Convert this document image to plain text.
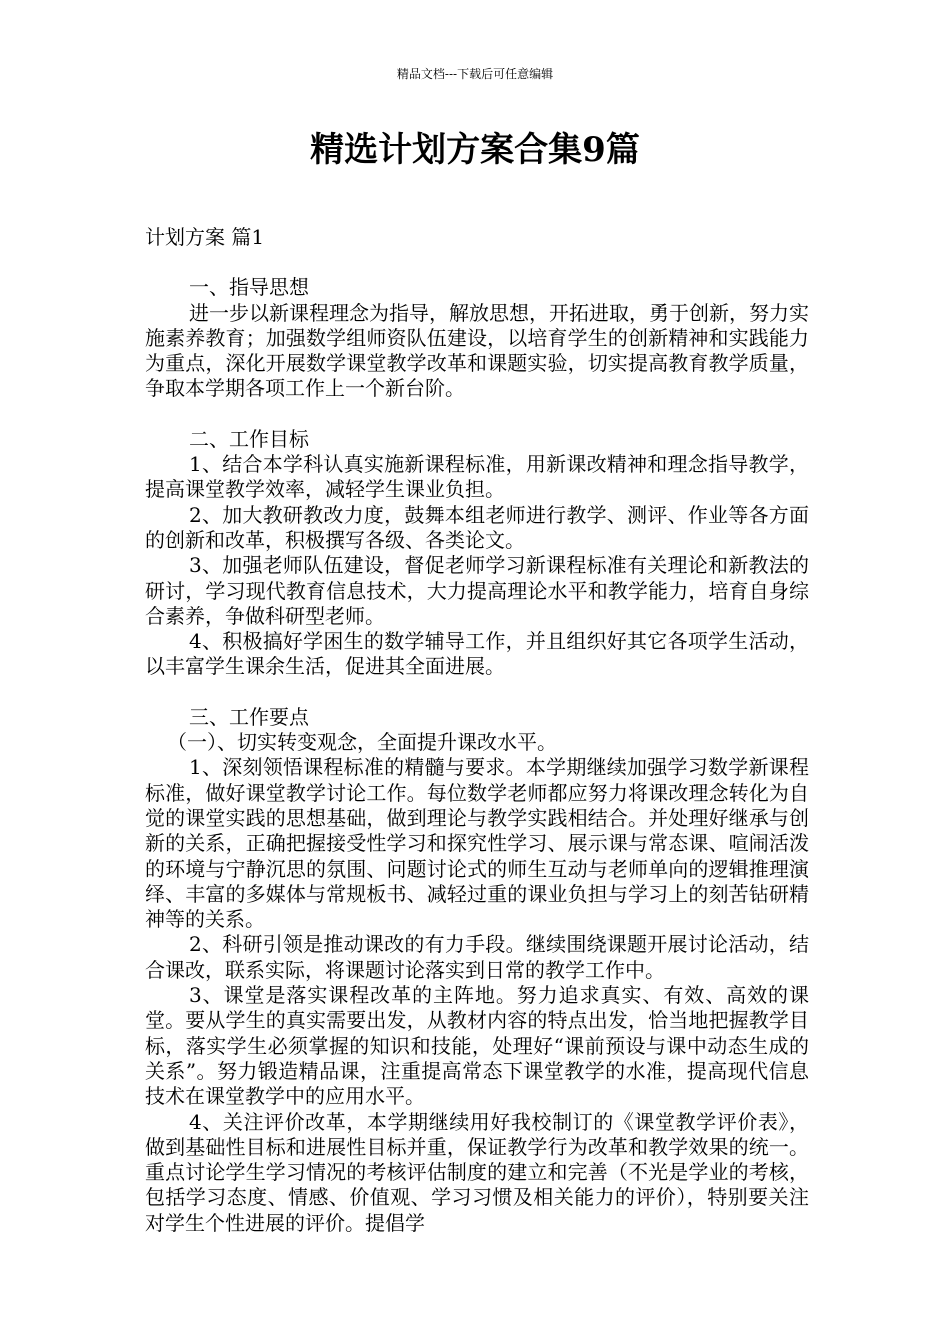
精品文档---下载后可任意编辑
精选计划方案合集9篇

计划方案 篇1

一、指导思想

进一步以新课程理念为指导，解放思想，开拓进取，勇于创新，努力实施素养教育；加强数学组师资队伍建设，以培育学生的创新精神和实践能力为重点，深化开展数学课堂教学改革和课题实验，切实提高教育教学质量，争取本学期各项工作上一个新台阶。

二、工作目标

1、结合本学科认真实施新课程标准，用新课改精神和理念指导教学，提高课堂教学效率，减轻学生课业负担。

2、加大教研教改力度，鼓舞本组老师进行教学、测评、作业等各方面的创新和改革，积极撰写各级、各类论文。

3、加强老师队伍建设，督促老师学习新课程标准有关理论和新教法的研讨，学习现代教育信息技术，大力提高理论水平和教学能力，培育自身综合素养，争做科研型老师。

4、积极搞好学困生的数学辅导工作，并且组织好其它各项学生活动，以丰富学生课余生活，促进其全面进展。

三、工作要点

（一）、切实转变观念，全面提升课改水平。

1、深刻领悟课程标准的精髓与要求。本学期继续加强学习数学新课程标准，做好课堂教学讨论工作。每位数学老师都应努力将课改理念转化为自觉的课堂实践的思想基础，做到理论与教学实践相结合。并处理好继承与创新的关系，正确把握接受性学习和探究性学习、展示课与常态课、喧闹活泼的环境与宁静沉思的氛围、问题讨论式的师生互动与老师单向的逻辑推理演绎、丰富的多媒体与常规板书、减轻过重的课业负担与学习上的刻苦钻研精神等的关系。

2、科研引领是推动课改的有力手段。继续围绕课题开展讨论活动，结合课改，联系实际，将课题讨论落实到日常的教学工作中。

3、课堂是落实课程改革的主阵地。努力追求真实、有效、高效的课堂。要从学生的真实需要出发，从教材内容的特点出发，恰当地把握教学目标，落实学生必须掌握的知识和技能，处理好“课前预设与课中动态生成的关系”。努力锻造精品课，注重提高常态下课堂教学的水准，提高现代信息技术在课堂教学中的应用水平。

4、关注评价改革，本学期继续用好我校制订的《课堂教学评价表》，做到基础性目标和进展性目标并重，保证教学行为改革和教学效果的统一。重点讨论学生学习情况的考核评估制度的建立和完善（不光是学业的考核，包括学习态度、情感、价值观、学习习惯及相关能力的评价），特别要关注对学生个性进展的评价。提倡学
